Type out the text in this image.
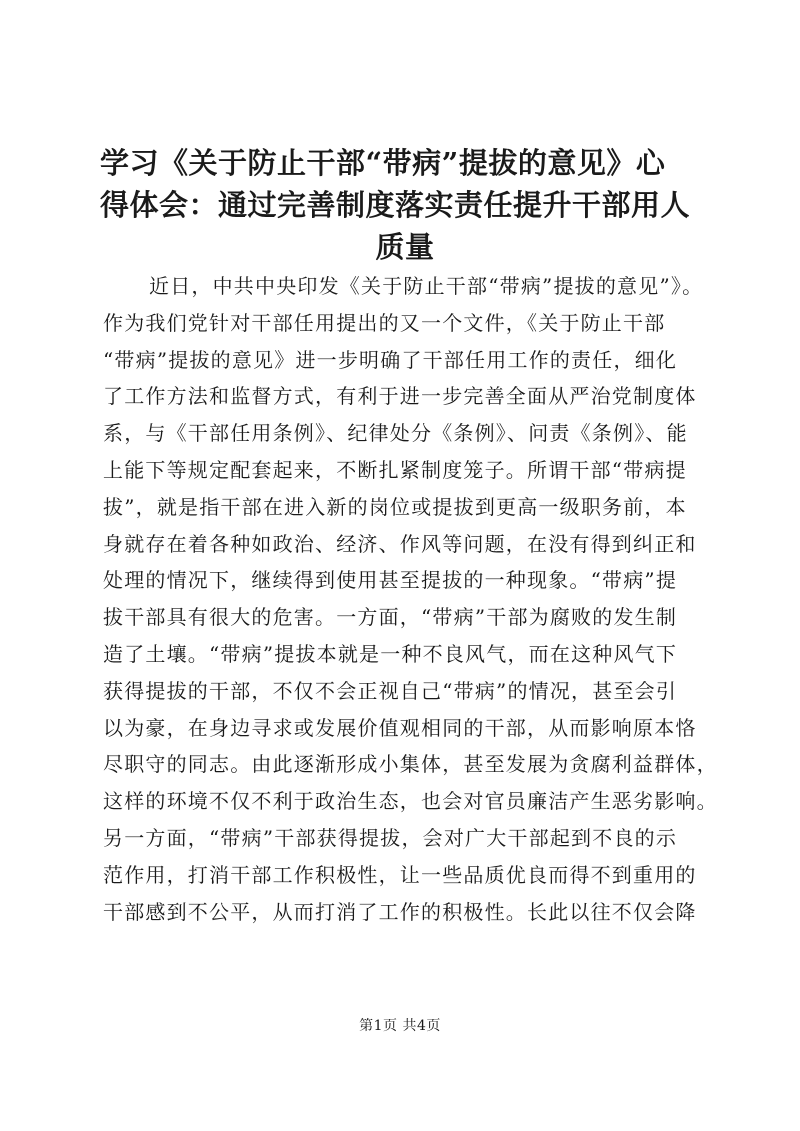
学习《关于防止干部“带病”提拔的意见》心
得体会：通过完善制度落实责任提升干部用人
质量
近日，中共中央印发《关于防止干部“带病”提拔的意见”》。
作为我们党针对干部任用提出的又一个文件，《关于防止干部
“带病”提拔的意见》进一步明确了干部任用工作的责任，细化
了工作方法和监督方式，有利于进一步完善全面从严治党制度体
系，与《干部任用条例》、纪律处分《条例》、问责《条例》、能
上能下等规定配套起来，不断扎紧制度笼子。所谓干部“带病提
拔”，就是指干部在进入新的岗位或提拔到更高一级职务前，本
身就存在着各种如政治、经济、作风等问题，在没有得到纠正和
处理的情况下，继续得到使用甚至提拔的一种现象。“带病”提
拔干部具有很大的危害。一方面，“带病”干部为腐败的发生制
造了土壤。“带病”提拔本就是一种不良风气，而在这种风气下
获得提拔的干部，不仅不会正视自己“带病”的情况，甚至会引
以为豪，在身边寻求或发展价值观相同的干部，从而影响原本恪
尽职守的同志。由此逐渐形成小集体，甚至发展为贪腐利益群体，
这样的环境不仅不利于政治生态，也会对官员廉洁产生恶劣影响。
另一方面，“带病”干部获得提拔，会对广大干部起到不良的示
范作用，打消干部工作积极性，让一些品质优良而得不到重用的
干部感到不公平，从而打消了工作的积极性。长此以往不仅会降
第1页 共4页
